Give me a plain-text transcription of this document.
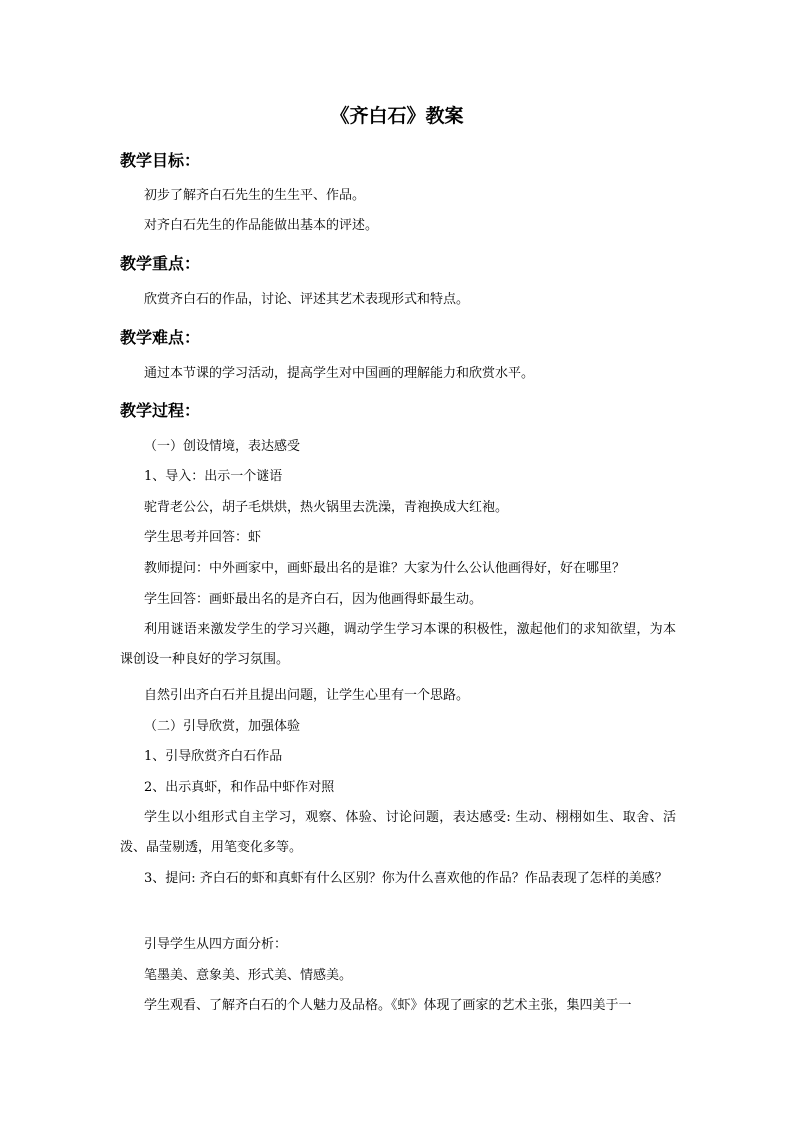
《齐白石》教案
教学目标：
初步了解齐白石先生的生生平、作品。
对齐白石先生的作品能做出基本的评述。
教学重点：
欣赏齐白石的作品，讨论、评述其艺术表现形式和特点。
教学难点：
通过本节课的学习活动，提高学生对中国画的理解能力和欣赏水平。
教学过程：
（一）创设情境，表达感受
1、导入：出示一个谜语
驼背老公公，胡子毛烘烘，热火锅里去洗澡，青袍换成大红袍。
学生思考并回答：虾
教师提问：中外画家中，画虾最出名的是谁？大家为什么公认他画得好，好在哪里？
学生回答：画虾最出名的是齐白石，因为他画得虾最生动。
利用谜语来激发学生的学习兴趣，调动学生学习本课的积极性，激起他们的求知欲望，为本课创设一种良好的学习氛围。
自然引出齐白石并且提出问题，让学生心里有一个思路。
（二）引导欣赏，加强体验
1、引导欣赏齐白石作品
2、出示真虾，和作品中虾作对照
学生以小组形式自主学习，观察、体验、讨论问题，表达感受: 生动、栩栩如生、取舍、活泼、晶莹剔透，用笔变化多等。
3、提问: 齐白石的虾和真虾有什么区别？你为什么喜欢他的作品？作品表现了怎样的美感？
引导学生从四方面分析：
笔墨美、意象美、形式美、情感美。
学生观看、了解齐白石的个人魅力及品格。《虾》体现了画家的艺术主张，集四美于一
